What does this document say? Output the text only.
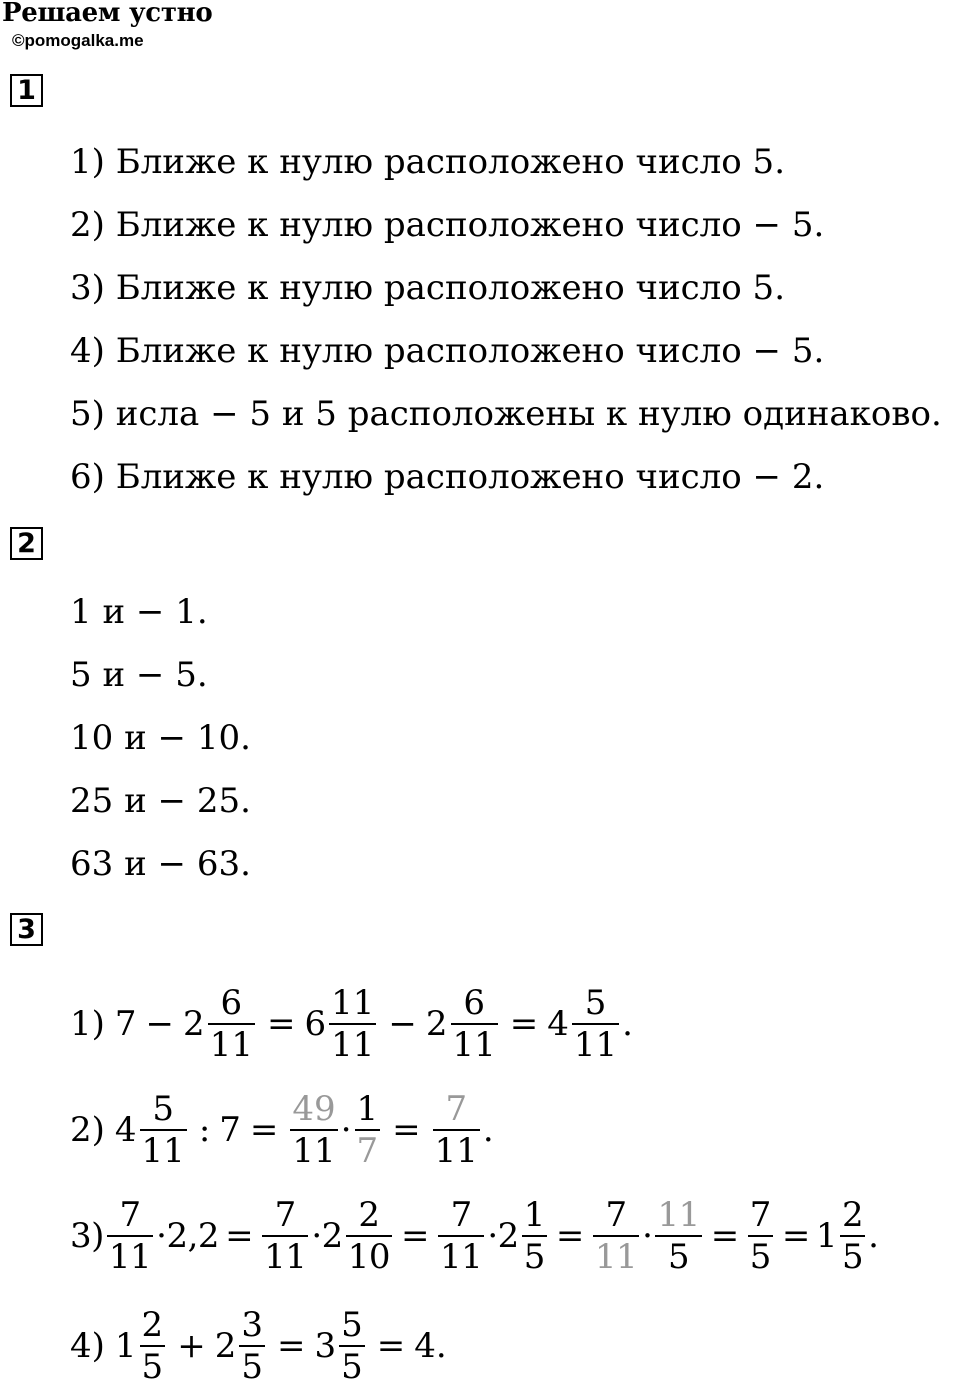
Решаем устно
©pomogalka.me
1
1) Ближе к нулю расположено число 5.
2) Ближе к нулю расположено число − 5.
3) Ближе к нулю расположено число 5.
4) Ближе к нулю расположено число − 5.
5) исла − 5 и 5 расположены к нулю одинаково.
6) Ближе к нулю расположено число − 2.
2
1 и − 1.
5 и − 5.
10 и − 10.
25 и − 25.
63 и − 63.
3
1) $7 - 2 \frac{6}{11} = 6 \frac{11}{11} - 2 \frac{6}{11} = 4 \frac{5}{11}$ .
2) $4 \frac{5}{11}$ : $7 = \frac{49}{11} \cdot \frac{1}{7} = \frac{7}{11}$ .
$3) \frac{7}{11} \cdot 2,2 = \frac{7}{11} \cdot 2 \frac{2}{10} = \frac{7}{11} \cdot 2 \frac{1}{5} = \frac{7}{11} \cdot \frac{11}{5} = \frac{7}{5} = 1 \frac{2}{5}$ .
4) $1 \frac{2}{5} + 2 \frac{3}{5} = 3 \frac{5}{5} = 4$ .
